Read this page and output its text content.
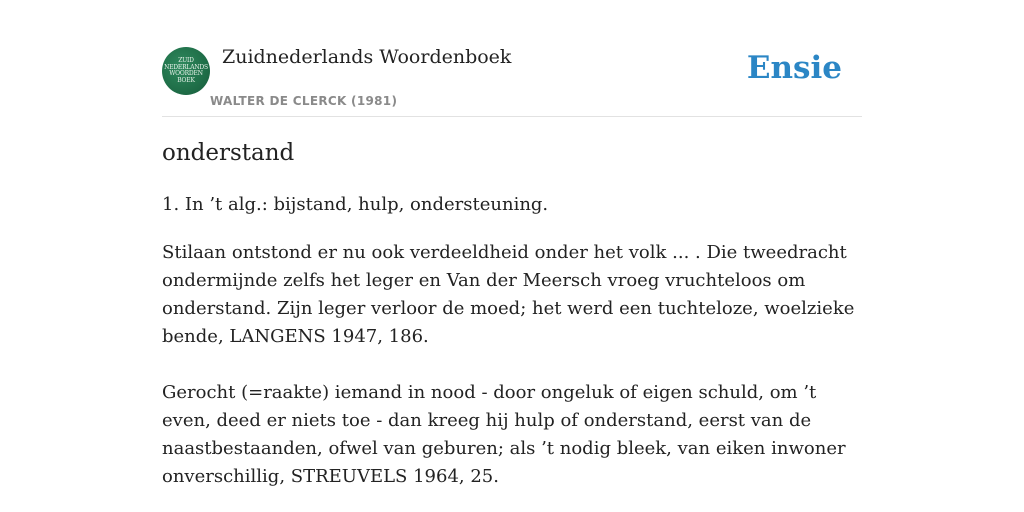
ZUID
NEDERLANDS
WOORDEN
BOEK
Zuidnederlands Woordenboek
WALTER DE CLERCK (1981)
Ensie
onderstand
1. In ’t alg.: bijstand, hulp, ondersteuning.

Stilaan ontstond er nu ook verdeeldheid onder het volk ... . Die tweedracht ondermijnde zelfs het leger en Van der Meersch vroeg vruchteloos om onderstand. Zijn leger verloor de moed; het werd een tuchteloze, woelzieke bende, LANGENS 1947, 186.

Gerocht (=raakte) iemand in nood - door ongeluk of eigen schuld, om ’t even, deed er niets toe - dan kreeg hij hulp of onderstand, eerst van de naastbestaanden, ofwel van geburen; als ’t nodig bleek, van eiken inwoner onverschillig, STREUVELS 1964, 25.
